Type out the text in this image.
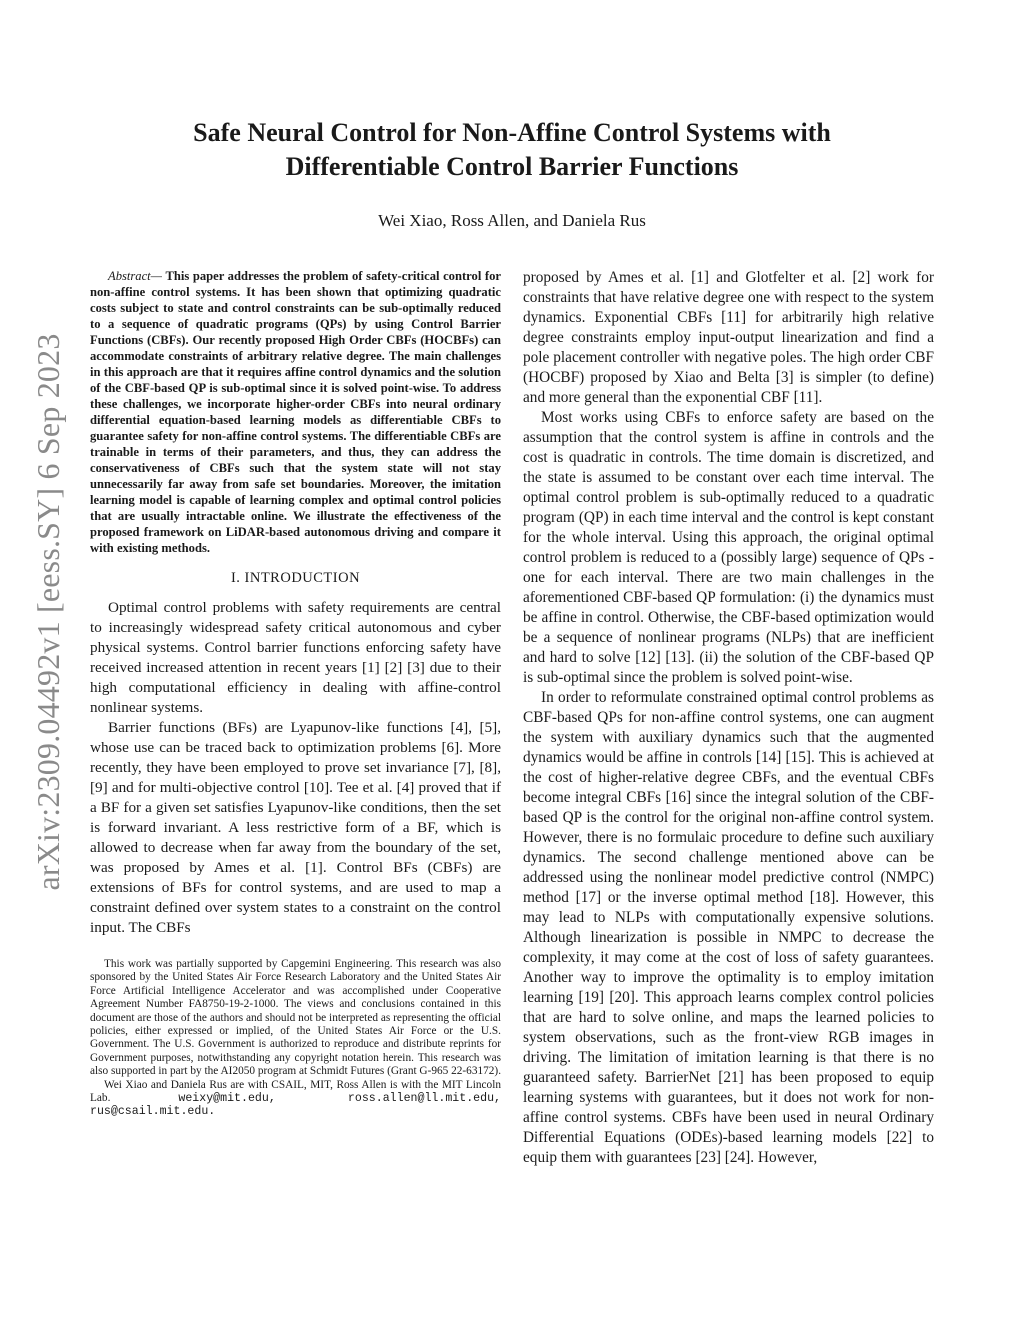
arXiv:2309.04492v1 [eess.SY] 6 Sep 2023
Safe Neural Control for Non-Affine Control Systems with
Differentiable Control Barrier Functions
Wei Xiao, Ross Allen, and Daniela Rus

Abstract— This paper addresses the problem of safety-critical control for non-affine control systems. It has been shown that optimizing quadratic costs subject to state and control constraints can be sub-optimally reduced to a sequence of quadratic programs (QPs) by using Control Barrier Functions (CBFs). Our recently proposed High Order CBFs (HOCBFs) can accommodate constraints of arbitrary relative degree. The main challenges in this approach are that it requires affine control dynamics and the solution of the CBF-based QP is sub-optimal since it is solved point-wise. To address these challenges, we incorporate higher-order CBFs into neural ordinary differential equation-based learning models as differentiable CBFs to guarantee safety for non-affine control systems. The differentiable CBFs are trainable in terms of their parameters, and thus, they can address the conservativeness of CBFs such that the system state will not stay unnecessarily far away from safe set boundaries. Moreover, the imitation learning model is capable of learning complex and optimal control policies that are usually intractable online. We illustrate the effectiveness of the proposed framework on LiDAR-based autonomous driving and compare it with existing methods.

I. INTRODUCTION

Optimal control problems with safety requirements are central to increasingly widespread safety critical autonomous and cyber physical systems. Control barrier functions enforcing safety have received increased attention in recent years [1] [2] [3] due to their high computational efficiency in dealing with affine-control nonlinear systems.

Barrier functions (BFs) are Lyapunov-like functions [4], [5], whose use can be traced back to optimization problems [6]. More recently, they have been employed to prove set invariance [7], [8], [9] and for multi-objective control [10]. Tee et al. [4] proved that if a BF for a given set satisfies Lyapunov-like conditions, then the set is forward invariant. A less restrictive form of a BF, which is allowed to decrease when far away from the boundary of the set, was proposed by Ames et al. [1]. Control BFs (CBFs) are extensions of BFs for control systems, and are used to map a constraint defined over system states to a constraint on the control input. The CBFs

This work was partially supported by Capgemini Engineering. This research was also sponsored by the United States Air Force Research Laboratory and the United States Air Force Artificial Intelligence Accelerator and was accomplished under Cooperative Agreement Number FA8750-19-2-1000. The views and conclusions contained in this document are those of the authors and should not be interpreted as representing the official policies, either expressed or implied, of the United States Air Force or the U.S. Government. The U.S. Government is authorized to reproduce and distribute reprints for Government purposes, notwithstanding any copyright notation herein. This research was also supported in part by the AI2050 program at Schmidt Futures (Grant G-965 22-63172).

Wei Xiao and Daniela Rus are with CSAIL, MIT, Ross Allen is with the MIT Lincoln Lab.	weixy@mit.edu, ross.allen@ll.mit.edu, rus@csail.mit.edu.

proposed by Ames et al. [1] and Glotfelter et al. [2] work for constraints that have relative degree one with respect to the system dynamics. Exponential CBFs [11] for arbitrarily high relative degree constraints employ input-output linearization and find a pole placement controller with negative poles. The high order CBF (HOCBF) proposed by Xiao and Belta [3] is simpler (to define) and more general than the exponential CBF [11].

Most works using CBFs to enforce safety are based on the assumption that the control system is affine in controls and the cost is quadratic in controls. The time domain is discretized, and the state is assumed to be constant over each time interval. The optimal control problem is sub-optimally reduced to a quadratic program (QP) in each time interval and the control is kept constant for the whole interval. Using this approach, the original optimal control problem is reduced to a (possibly large) sequence of QPs - one for each interval. There are two main challenges in the aforementioned CBF-based QP formulation: (i) the dynamics must be affine in control. Otherwise, the CBF-based optimization would be a sequence of nonlinear programs (NLPs) that are inefficient and hard to solve [12] [13]. (ii) the solution of the CBF-based QP is sub-optimal since the problem is solved point-wise.

In order to reformulate constrained optimal control problems as CBF-based QPs for non-affine control systems, one can augment the system with auxiliary dynamics such that the augmented dynamics would be affine in controls [14] [15]. This is achieved at the cost of higher-relative degree CBFs, and the eventual CBFs become integral CBFs [16] since the integral solution of the CBF-based QP is the control for the original non-affine control system. However, there is no formulaic procedure to define such auxiliary dynamics. The second challenge mentioned above can be addressed using the nonlinear model predictive control (NMPC) method [17] or the inverse optimal method [18]. However, this may lead to NLPs with computationally expensive solutions. Although linearization is possible in NMPC to decrease the complexity, it may come at the cost of loss of safety guarantees. Another way to improve the optimality is to employ imitation learning [19] [20]. This approach learns complex control policies that are hard to solve online, and maps the learned policies to system observations, such as the front-view RGB images in driving. The limitation of imitation learning is that there is no guaranteed safety. BarrierNet [21] has been proposed to equip learning systems with guarantees, but it does not work for non-affine control systems. CBFs have been used in neural Ordinary Differential Equations (ODEs)-based learning models [22] to equip them with guarantees [23] [24]. However,
